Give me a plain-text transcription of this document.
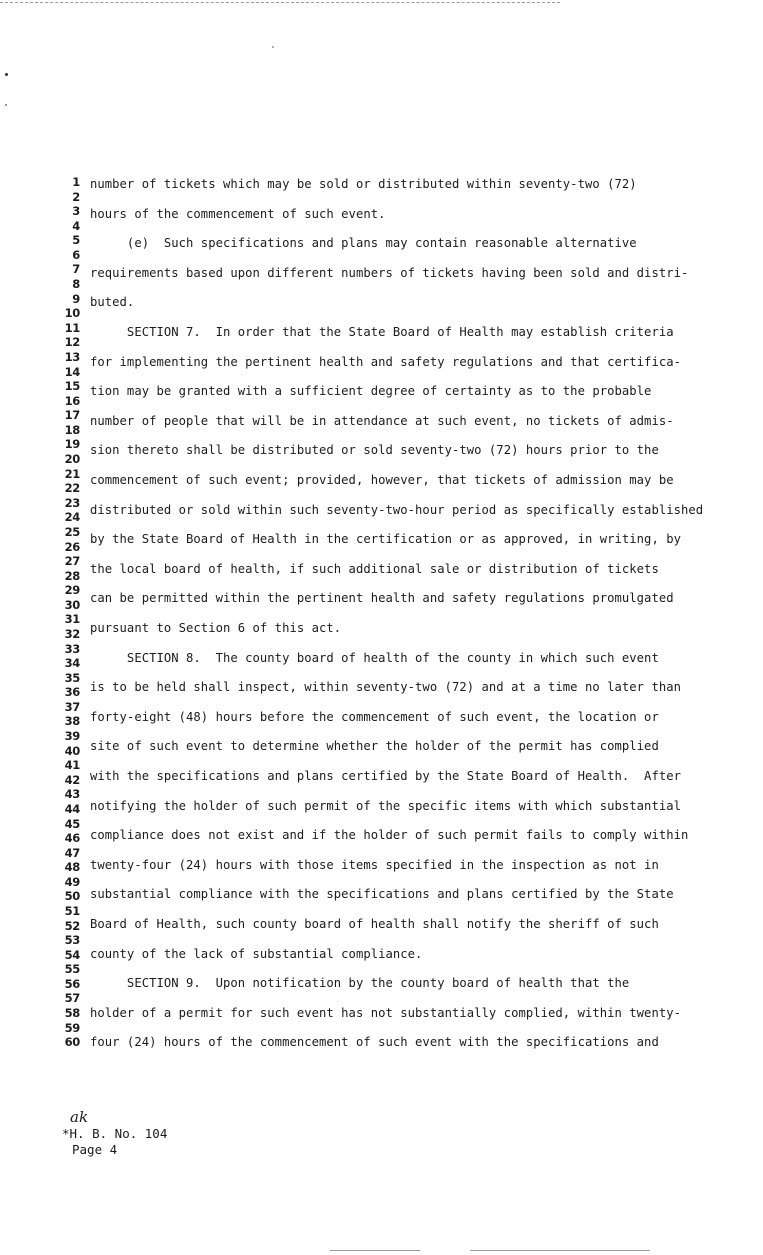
1
2
3
4
5
6
7
8
9
10
11
12
13
14
15
16
17
18
19
20
21
22
23
24
25
26
27
28
29
30
31
32
33
34
35
36
37
38
39
40
41
42
43
44
45
46
47
48
49
50
51
52
53
54
55
56
57
58
59
60
number of tickets which may be sold or distributed within seventy-two (72)
hours of the commencement of such event.
(e)  Such specifications and plans may contain reasonable alternative
requirements based upon different numbers of tickets having been sold and distri-
buted.
SECTION 7.  In order that the State Board of Health may establish criteria
for implementing the pertinent health and safety regulations and that certifica-
tion may be granted with a sufficient degree of certainty as to the probable
number of people that will be in attendance at such event, no tickets of admis-
sion thereto shall be distributed or sold seventy-two (72) hours prior to the
commencement of such event; provided, however, that tickets of admission may be
distributed or sold within such seventy-two-hour period as specifically established
by the State Board of Health in the certification or as approved, in writing, by
the local board of health, if such additional sale or distribution of tickets
can be permitted within the pertinent health and safety regulations promulgated
pursuant to Section 6 of this act.
SECTION 8.  The county board of health of the county in which such event
is to be held shall inspect, within seventy-two (72) and at a time no later than
forty-eight (48) hours before the commencement of such event, the location or
site of such event to determine whether the holder of the permit has complied
with the specifications and plans certified by the State Board of Health.  After
notifying the holder of such permit of the specific items with which substantial
compliance does not exist and if the holder of such permit fails to comply within
twenty-four (24) hours with those items specified in the inspection as not in
substantial compliance with the specifications and plans certified by the State
Board of Health, such county board of health shall notify the sheriff of such
county of the lack of substantial compliance.
SECTION 9.  Upon notification by the county board of health that the
holder of a permit for such event has not substantially complied, within twenty-
four (24) hours of the commencement of such event with the specifications and
ak
*H. B. No. 104
Page 4
